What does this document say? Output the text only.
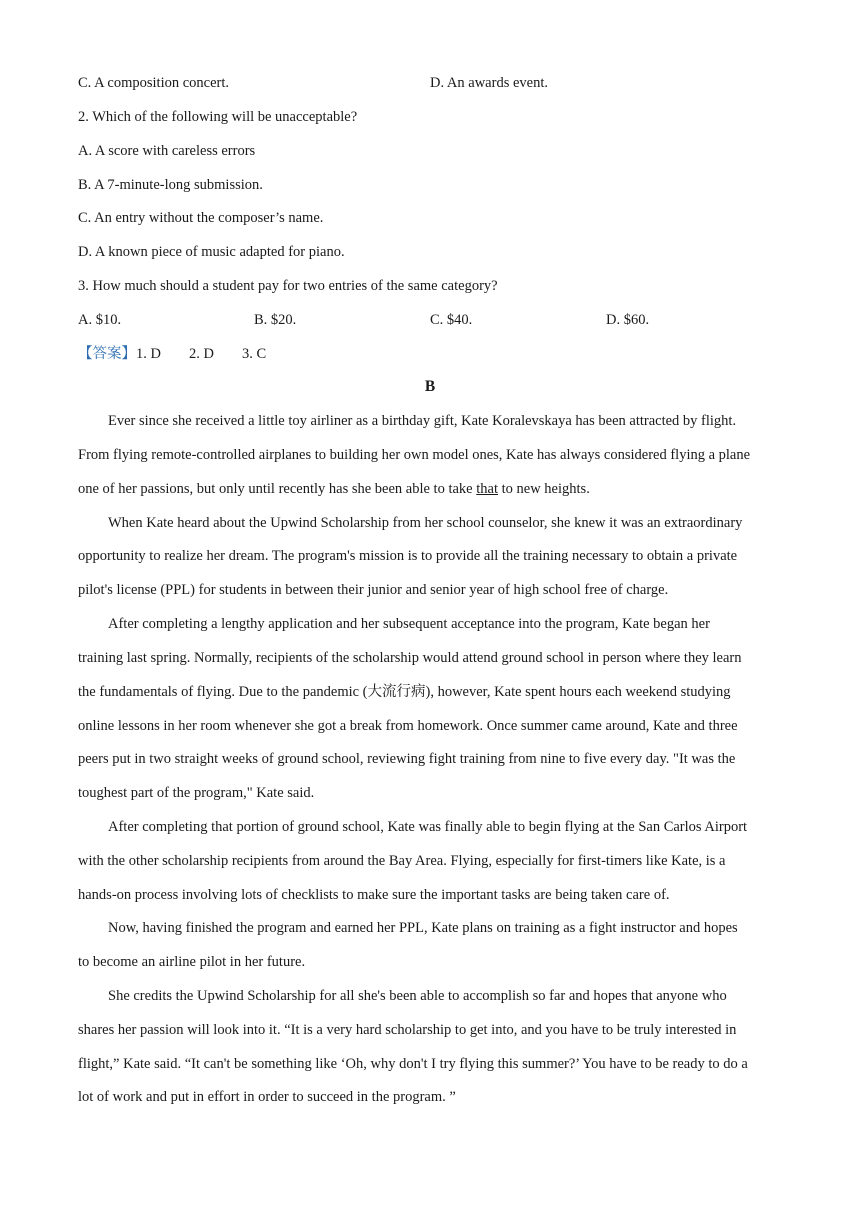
C. A composition concert.	D. An awards event.
2. Which of the following will be unacceptable?
A. A score with careless errors
B. A 7-minute-long submission.
C. An entry without the composer’s name.
D. A known piece of music adapted for piano.
3. How much should a student pay for two entries of the same category?
A. $10.	B. $20.	C. $40.	D. $60.
【答案】1. D 2. D 3. C
B
Ever since she received a little toy airliner as a birthday gift, Kate Koralevskaya has been attracted by flight.
From flying remote-controlled airplanes to building her own model ones, Kate has always considered flying a plane
one of her passions, but only until recently has she been able to take that to new heights.
When Kate heard about the Upwind Scholarship from her school counselor, she knew it was an extraordinary
opportunity to realize her dream. The program's mission is to provide all the training necessary to obtain a private
pilot's license (PPL) for students in between their junior and senior year of high school free of charge.
After completing a lengthy application and her subsequent acceptance into the program, Kate began her
training last spring. Normally, recipients of the scholarship would attend ground school in person where they learn
the fundamentals of flying. Due to the pandemic (大流行病), however, Kate spent hours each weekend studying
online lessons in her room whenever she got a break from homework. Once summer came around, Kate and three
peers put in two straight weeks of ground school, reviewing fight training from nine to five every day. "It was the
toughest part of the program," Kate said.
After completing that portion of ground school, Kate was finally able to begin flying at the San Carlos Airport
with the other scholarship recipients from around the Bay Area. Flying, especially for first-timers like Kate, is a
hands-on process involving lots of checklists to make sure the important tasks are being taken care of.
Now, having finished the program and earned her PPL, Kate plans on training as a fight instructor and hopes
to become an airline pilot in her future.
She credits the Upwind Scholarship for all she's been able to accomplish so far and hopes that anyone who
shares her passion will look into it. “It is a very hard scholarship to get into, and you have to be truly interested in
flight,” Kate said. “It can't be something like ‘Oh, why don't I try flying this summer?’ You have to be ready to do a
lot of work and put in effort in order to succeed in the program. ”
